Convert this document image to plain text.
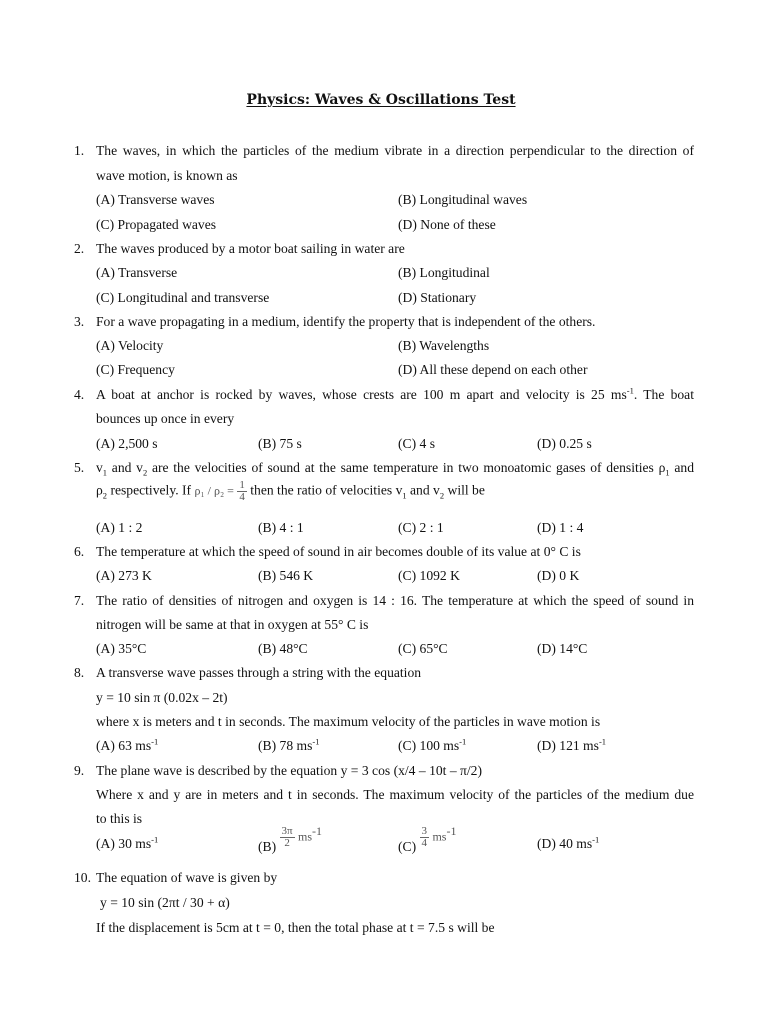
Physics: Waves & Oscillations Test
1. The waves, in which the particles of the medium vibrate in a direction perpendicular to the direction of
wave motion, is known as
(A) Transverse waves	(B) Longitudinal waves
(C) Propagated waves	(D) None of these
2. The waves produced by a motor boat sailing in water are
(A) Transverse	(B) Longitudinal
(C) Longitudinal and transverse	(D) Stationary
3. For a wave propagating in a medium, identify the property that is independent of the others.
(A) Velocity	(B) Wavelengths
(C) Frequency	(D) All these depend on each other
4. A boat at anchor is rocked by waves, whose crests are 100 m apart and velocity is 25 $ms^{-1}$. The boat
bounces up once in every
(A) 2,500 s	(B) 75 s	(C) 4 s	(D) 0.25 s
5. $v_1$ and $v_2$ are the velocities of sound at the same temperature in two monoatomic gases of densities $\rho_1$ and
$\rho_2$ respectively. If $\rho_1 / \rho_2 = \frac{1}{4}$ then the ratio of velocities $v_1$ and $v_2$ will be
(A) 1 : 2	(B) 4 : 1	(C) 2 : 1	(D) 1 : 4
6. The temperature at which the speed of sound in air becomes double of its value at 0° C is
(A) 273 K	(B) 546 K	(C) 1092 K	(D) 0 K
7. The ratio of densities of nitrogen and oxygen is 14 : 16. The temperature at which the speed of sound in
nitrogen will be same at that in oxygen at 55° C is
(A) 35°C	(B) 48°C	(C) 65°C	(D) 14°C
8. A transverse wave passes through a string with the equation
y = 10 sin π (0.02x – 2t)
where x is meters and t in seconds. The maximum velocity of the particles in wave motion is
(A) 63 $ms^{-1}$	(B) 78 $ms^{-1}$	(C) 100 $ms^{-1}$	(D) 121 $ms^{-1}$
9. The plane wave is described by the equation y = 3 cos (x/4 – 10t – π/2)
Where x and y are in meters and t in seconds. The maximum velocity of the particles of the medium due
to this is
(A) 30 $ms^{-1}$	$(B) \frac{3\pi}{2} ms^{-1}$
$(C) \frac{3}{4} ms^{-1}$
(D) 40 $ms^{-1}$
10. The equation of wave is given by
y = 10 sin (2πt / 30 + α)
If the displacement is 5cm at t = 0, then the total phase at t = 7.5 s will be
